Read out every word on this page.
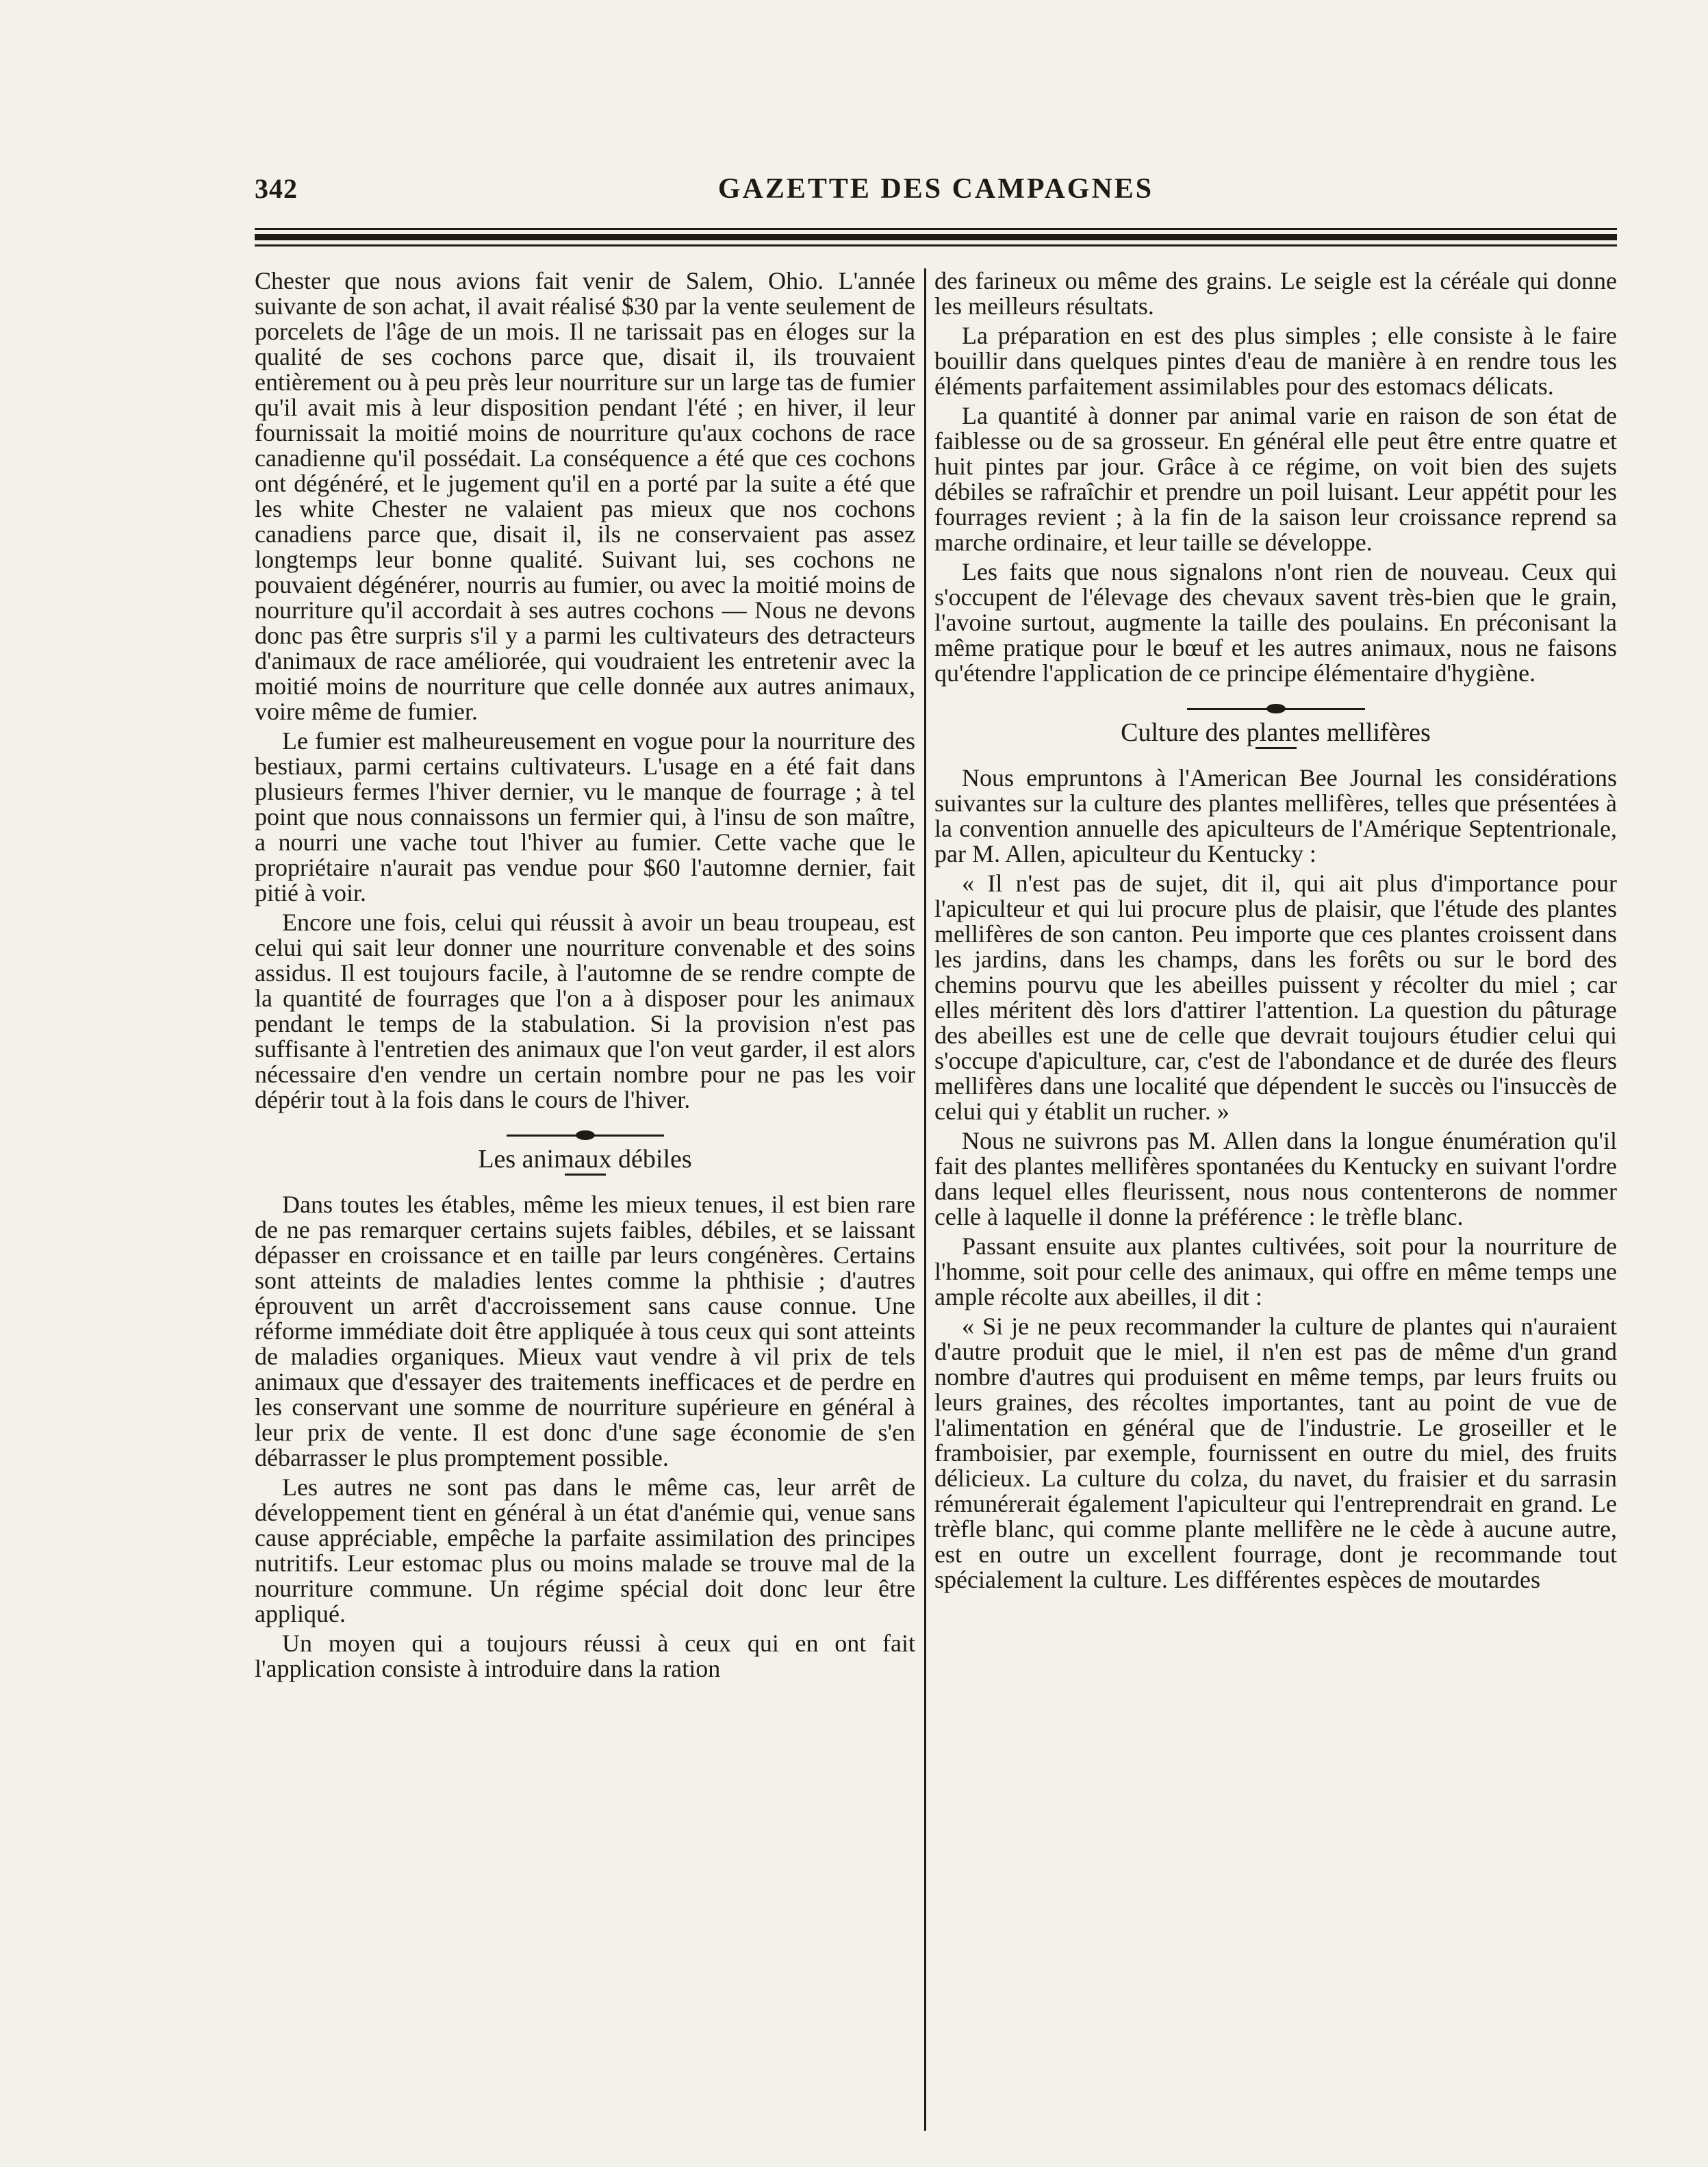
342	GAZETTE DES CAMPAGNES

Chester que nous avions fait venir de Salem, Ohio. L'année suivante de son achat, il avait réalisé $30 par la vente seulement de porcelets de l'âge de un mois. Il ne tarissait pas en éloges sur la qualité de ses cochons parce que, disait il, ils trouvaient entièrement ou à peu près leur nourriture sur un large tas de fumier qu'il avait mis à leur disposition pendant l'été ; en hiver, il leur fournissait la moitié moins de nourriture qu'aux cochons de race canadienne qu'il possédait. La conséquence a été que ces cochons ont dégénéré, et le jugement qu'il en a porté par la suite a été que les white Chester ne valaient pas mieux que nos cochons canadiens parce que, disait il, ils ne conservaient pas assez longtemps leur bonne qualité. Suivant lui, ses cochons ne pouvaient dégénérer, nourris au fumier, ou avec la moitié moins de nourriture qu'il accordait à ses autres cochons — Nous ne devons donc pas être surpris s'il y a parmi les cultivateurs des detracteurs d'animaux de race améliorée, qui voudraient les entretenir avec la moitié moins de nourriture que celle donnée aux autres animaux, voire même de fumier.

Le fumier est malheureusement en vogue pour la nourriture des bestiaux, parmi certains cultivateurs. L'usage en a été fait dans plusieurs fermes l'hiver dernier, vu le manque de fourrage ; à tel point que nous connaissons un fermier qui, à l'insu de son maître, a nourri une vache tout l'hiver au fumier. Cette vache que le propriétaire n'aurait pas vendue pour $60 l'automne dernier, fait pitié à voir.

Encore une fois, celui qui réussit à avoir un beau troupeau, est celui qui sait leur donner une nourriture convenable et des soins assidus. Il est toujours facile, à l'automne de se rendre compte de la quantité de fourrages que l'on a à disposer pour les animaux pendant le temps de la stabulation. Si la provision n'est pas suffisante à l'entretien des animaux que l'on veut garder, il est alors nécessaire d'en vendre un certain nombre pour ne pas les voir dépérir tout à la fois dans le cours de l'hiver.

Les animaux débiles

Dans toutes les étables, même les mieux tenues, il est bien rare de ne pas remarquer certains sujets faibles, débiles, et se laissant dépasser en croissance et en taille par leurs congénères. Certains sont atteints de maladies lentes comme la phthisie ; d'autres éprouvent un arrêt d'accroissement sans cause connue. Une réforme immédiate doit être appliquée à tous ceux qui sont atteints de maladies organiques. Mieux vaut vendre à vil prix de tels animaux que d'essayer des traitements inefficaces et de perdre en les conservant une somme de nourriture supérieure en général à leur prix de vente. Il est donc d'une sage économie de s'en débarrasser le plus promptement possible.

Les autres ne sont pas dans le même cas, leur arrêt de développement tient en général à un état d'anémie qui, venue sans cause appréciable, empêche la parfaite assimilation des principes nutritifs. Leur estomac plus ou moins malade se trouve mal de la nourriture commune. Un régime spécial doit donc leur être appliqué.

Un moyen qui a toujours réussi à ceux qui en ont fait l'application consiste à introduire dans la ration

des farineux ou même des grains. Le seigle est la céréale qui donne les meilleurs résultats.

La préparation en est des plus simples ; elle consiste à le faire bouillir dans quelques pintes d'eau de manière à en rendre tous les éléments parfaitement assimilables pour des estomacs délicats.

La quantité à donner par animal varie en raison de son état de faiblesse ou de sa grosseur. En général elle peut être entre quatre et huit pintes par jour. Grâce à ce régime, on voit bien des sujets débiles se rafraîchir et prendre un poil luisant. Leur appétit pour les fourrages revient ; à la fin de la saison leur croissance reprend sa marche ordinaire, et leur taille se développe.

Les faits que nous signalons n'ont rien de nouveau. Ceux qui s'occupent de l'élevage des chevaux savent très-bien que le grain, l'avoine surtout, augmente la taille des poulains. En préconisant la même pratique pour le bœuf et les autres animaux, nous ne faisons qu'étendre l'application de ce principe élémentaire d'hygiène.

Culture des plantes mellifères

Nous empruntons à l'American Bee Journal les considérations suivantes sur la culture des plantes mellifères, telles que présentées à la convention annuelle des apiculteurs de l'Amérique Septentrionale, par M. Allen, apiculteur du Kentucky :

« Il n'est pas de sujet, dit il, qui ait plus d'importance pour l'apiculteur et qui lui procure plus de plaisir, que l'étude des plantes mellifères de son canton. Peu importe que ces plantes croissent dans les jardins, dans les champs, dans les forêts ou sur le bord des chemins pourvu que les abeilles puissent y récolter du miel ; car elles méritent dès lors d'attirer l'attention. La question du pâturage des abeilles est une de celle que devrait toujours étudier celui qui s'occupe d'apiculture, car, c'est de l'abondance et de durée des fleurs mellifères dans une localité que dépendent le succès ou l'insuccès de celui qui y établit un rucher. »

Nous ne suivrons pas M. Allen dans la longue énumération qu'il fait des plantes mellifères spontanées du Kentucky en suivant l'ordre dans lequel elles fleurissent, nous nous contenterons de nommer celle à laquelle il donne la préférence : le trèfle blanc.

Passant ensuite aux plantes cultivées, soit pour la nourriture de l'homme, soit pour celle des animaux, qui offre en même temps une ample récolte aux abeilles, il dit :

« Si je ne peux recommander la culture de plantes qui n'auraient d'autre produit que le miel, il n'en est pas de même d'un grand nombre d'autres qui produisent en même temps, par leurs fruits ou leurs graines, des récoltes importantes, tant au point de vue de l'alimentation en général que de l'industrie. Le groseiller et le framboisier, par exemple, fournissent en outre du miel, des fruits délicieux. La culture du colza, du navet, du fraisier et du sarrasin rémunérerait également l'apiculteur qui l'entreprendrait en grand. Le trèfle blanc, qui comme plante mellifère ne le cède à aucune autre, est en outre un excellent fourrage, dont je recommande tout spécialement la culture. Les différentes espèces de moutardes
